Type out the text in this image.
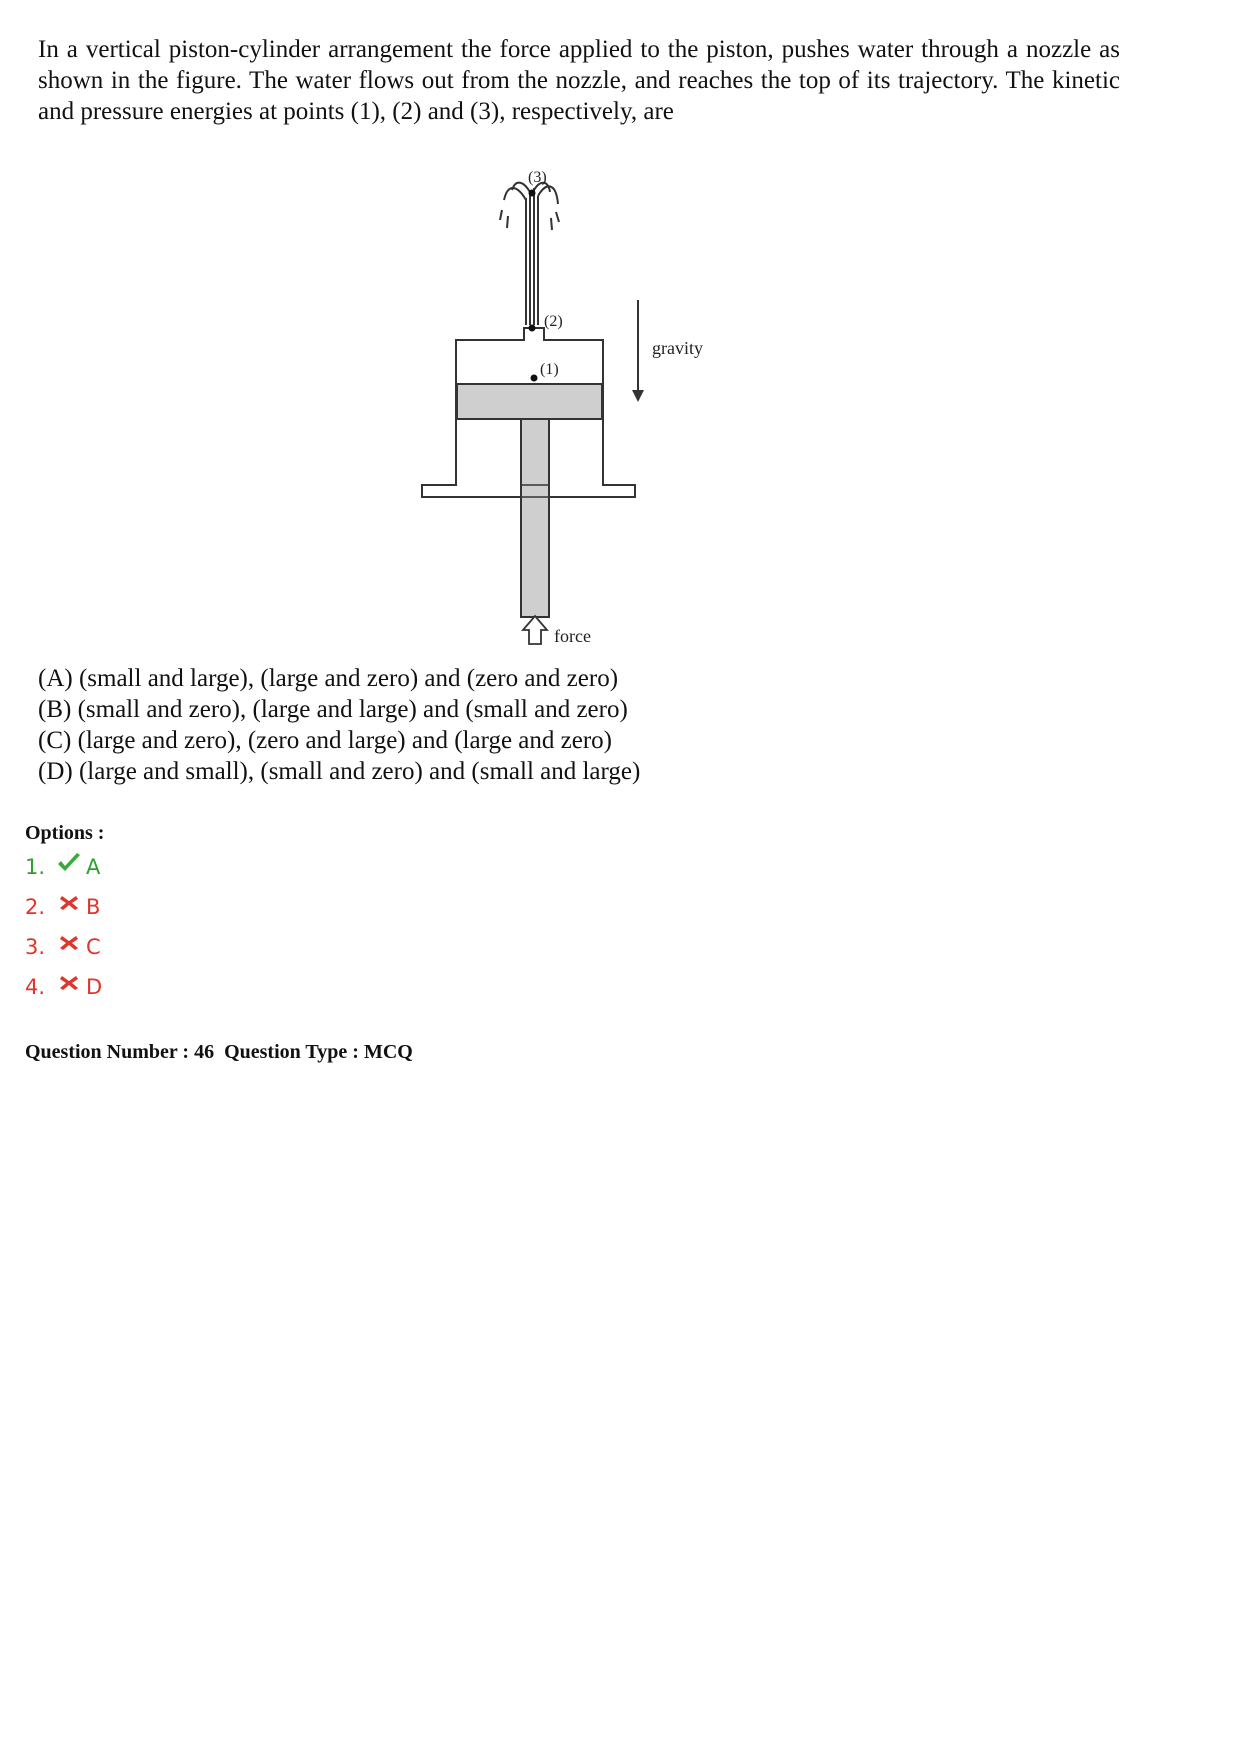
In a vertical piston-cylinder arrangement the force applied to the piston, pushes water through a nozzle as shown in the figure. The water flows out from the nozzle, and reaches the top of its trajectory. The kinetic and pressure energies at points (1), (2) and (3), respectively, are
(3)
(2)
(1)
gravity
force
(A) (small and large), (large and zero) and (zero and zero)
(B) (small and zero), (large and large) and (small and zero)
(C) (large and zero), (zero and large) and (large and zero)
(D) (large and small), (small and zero) and (small and large)
Options :
1.	A
2.	B
3.	C
4.	D
Question Number : 46 Question Type : MCQ
